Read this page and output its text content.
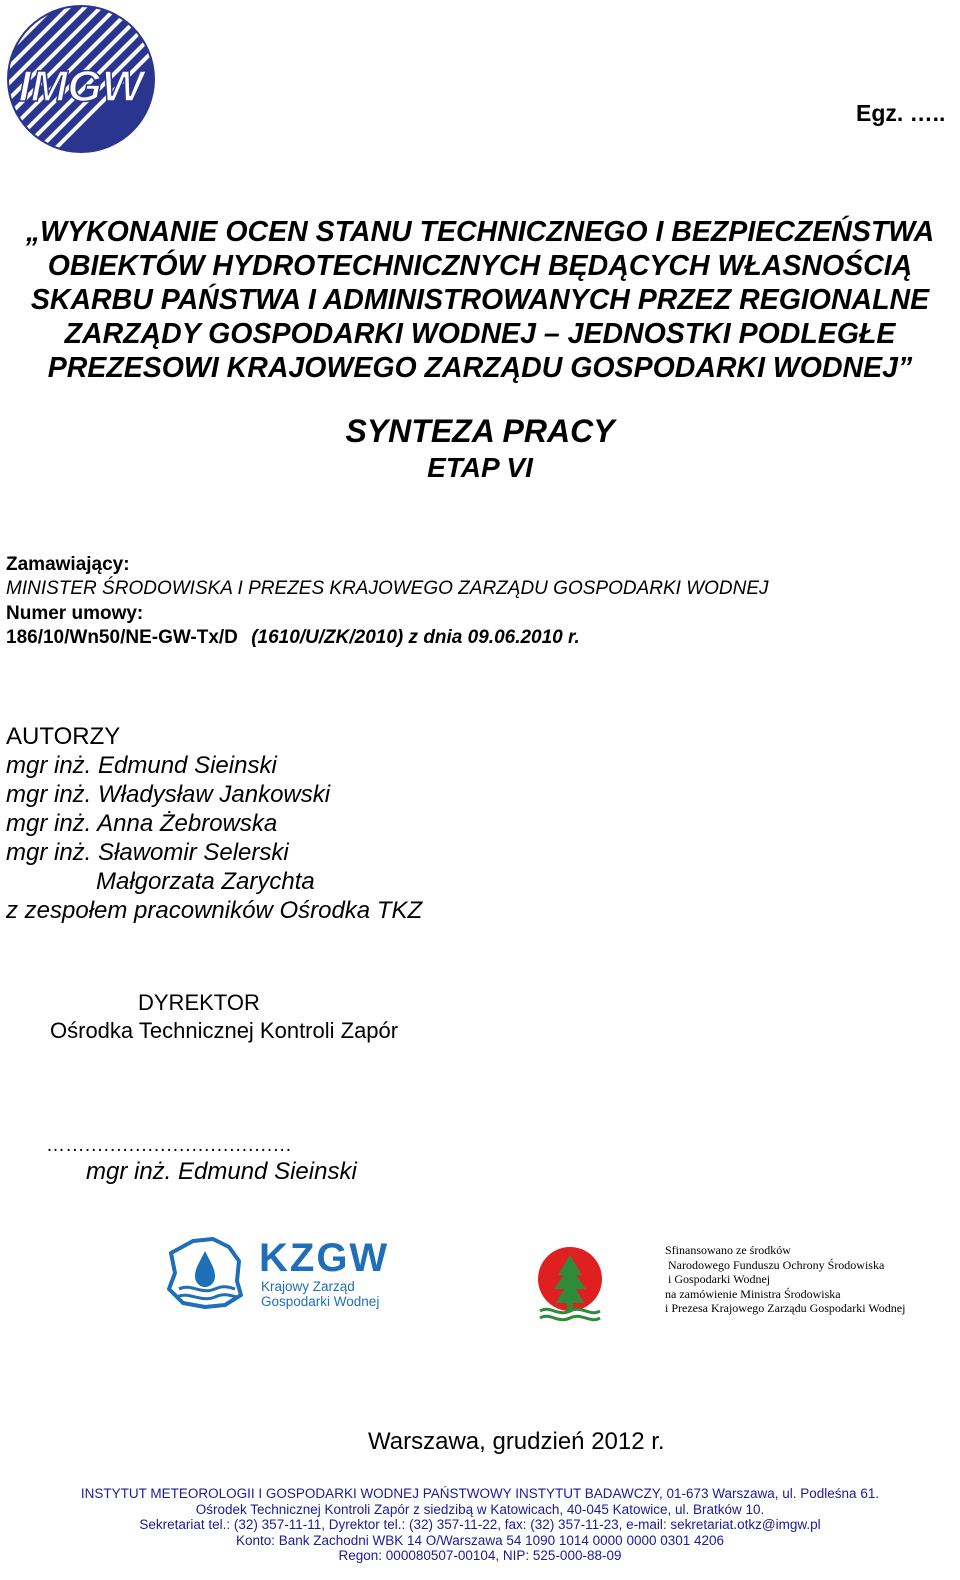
IMGW
Egz. …..
„WYKONANIE OCEN STANU TECHNICZNEGO I BEZPIECZEŃSTWA
OBIEKTÓW HYDROTECHNICZNYCH BĘDĄCYCH WŁASNOŚCIĄ
SKARBU PAŃSTWA I ADMINISTROWANYCH PRZEZ REGIONALNE
ZARZĄDY GOSPODARKI WODNEJ – JEDNOSTKI PODLEGŁE
PREZESOWI KRAJOWEGO ZARZĄDU GOSPODARKI WODNEJ”
SYNTEZA PRACY
ETAP VI
Zamawiający:
MINISTER ŚRODOWISKA I PREZES KRAJOWEGO ZARZĄDU GOSPODARKI WODNEJ
Numer umowy:
186/10/Wn50/NE-GW-Tx/D (1610/U/ZK/2010) z dnia 09.06.2010 r.
AUTORZY
mgr inż. Edmund Sieinski
mgr inż. Władysław Jankowski
mgr inż. Anna Żebrowska
mgr inż. Sławomir Selerski
Małgorzata Zarychta
z zespołem pracowników Ośrodka TKZ
DYREKTOR
Ośrodka Technicznej Kontroli Zapór
…....................................
mgr inż. Edmund Sieinski
KZGW
Krajowy Zarząd
Gospodarki Wodnej
Sfinansowano ze środków
Narodowego Funduszu Ochrony Środowiska
i Gospodarki Wodnej
na zamówienie Ministra Środowiska
i Prezesa Krajowego Zarządu Gospodarki Wodnej
Warszawa, grudzień 2012 r.
INSTYTUT METEOROLOGII I GOSPODARKI WODNEJ PAŃSTWOWY INSTYTUT BADAWCZY, 01-673 Warszawa, ul. Podleśna 61.
Ośrodek Technicznej Kontroli Zapór z siedzibą w Katowicach, 40-045 Katowice, ul. Bratków 10.
Sekretariat tel.: (32) 357-11-11, Dyrektor tel.: (32) 357-11-22, fax: (32) 357-11-23, e-mail: sekretariat.otkz@imgw.pl
Konto: Bank Zachodni WBK 14 O/Warszawa 54 1090 1014 0000 0000 0301 4206
Regon: 000080507-00104, NIP: 525-000-88-09
